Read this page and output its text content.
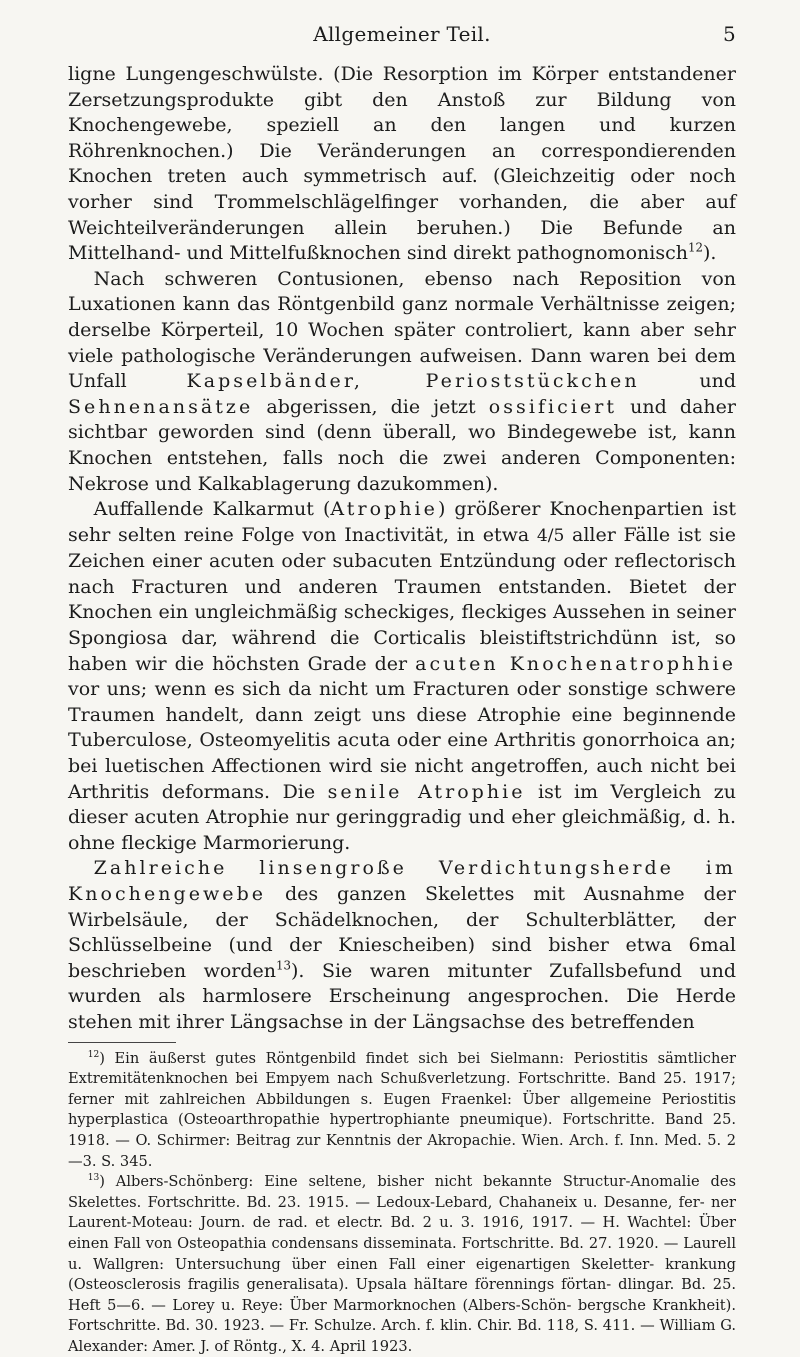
Allgemeiner Teil.	5

ligne Lungengeschwülste. (Die Resorption im Körper entstandener Zersetzungsprodukte gibt den Anstoß zur Bildung von Knochengewebe, speziell an den langen und kurzen Röhrenknochen.) Die Veränderungen an correspondierenden Knochen treten auch symmetrisch auf. (Gleichzeitig oder noch vorher sind Trommelschlägelfinger vorhanden, die aber auf Weichteilveränderungen allein beruhen.) Die Befunde an Mittelhand- und Mittelfußknochen sind direkt pathognomonisch$^{12}$).

Nach schweren Contusionen, ebenso nach Reposition von Luxationen kann das Röntgenbild ganz normale Verhältnisse zeigen; derselbe Körperteil, 10 Wochen später controliert, kann aber sehr viele pathologische Veränderungen aufweisen. Dann waren bei dem Unfall Kapselbänder, Perioststückchen und Sehnenansätze abgerissen, die jetzt ossificiert und daher sichtbar geworden sind (denn überall, wo Bindegewebe ist, kann Knochen entstehen, falls noch die zwei anderen Componenten: Nekrose und Kalkablagerung dazukommen).

Auffallende Kalkarmut (Atrophie) größerer Knochenpartien ist sehr selten reine Folge von Inactivität, in etwa 4/5 aller Fälle ist sie Zeichen einer acuten oder subacuten Entzündung oder reflectorisch nach Fracturen und anderen Traumen entstanden. Bietet der Knochen ein ungleichmäßig scheckiges, fleckiges Aussehen in seiner Spongiosa dar, während die Corticalis bleistiftstrichdünn ist, so haben wir die höchsten Grade der acuten Knochenatrophhie vor uns; wenn es sich da nicht um Fracturen oder sonstige schwere Traumen handelt, dann zeigt uns diese Atrophie eine beginnende Tuberculose, Osteomyelitis acuta oder eine Arthritis gonorrhoica an; bei luetischen Affectionen wird sie nicht angetroffen, auch nicht bei Arthritis deformans. Die senile Atrophie ist im Vergleich zu dieser acuten Atrophie nur geringgradig und eher gleichmäßig, d. h. ohne fleckige Marmorierung.

Zahlreiche linsengroße Verdichtungsherde im Knochengewebe des ganzen Skelettes mit Ausnahme der Wirbelsäule, der Schädelknochen, der Schulterblätter, der Schlüsselbeine (und der Kniescheiben) sind bisher etwa 6mal beschrieben worden$^{13}$). Sie waren mitunter Zufallsbefund und wurden als harmlosere Erscheinung angesprochen. Die Herde stehen mit ihrer Längsachse in der Längsachse des betreffenden

$^{12}$) Ein äußerst gutes Röntgenbild findet sich bei Sielmann: Periostitis sämtlicher Extremitätenknochen bei Empyem nach Schußverletzung. Fortschritte. Band 25. 1917; ferner mit zahlreichen Abbildungen s. Eugen Fraenkel: Über allgemeine Periostitis hyperplastica (Osteoarthropathie hypertrophiante pneumique). Fortschritte. Band 25. 1918. — O. Schirmer: Beitrag zur Kenntnis der Akropachie. Wien. Arch. f. Inn. Med. 5. 2—3. S. 345.

$^{13}$) Albers-Schönberg: Eine seltene, bisher nicht bekannte Structur-Anomalie des Skelettes. Fortschritte. Bd. 23. 1915. — Ledoux-Lebard, Chahaneix u. Desanne, fer- ner Laurent-Moteau: Journ. de rad. et electr. Bd. 2 u. 3. 1916, 1917. — H. Wachtel: Über einen Fall von Osteopathia condensans disseminata. Fortschritte. Bd. 27. 1920. — Laurell u. Wallgren: Untersuchung über einen Fall einer eigenartigen Skeletter- krankung (Osteosclerosis fragilis generalisata). Upsala häItare förennings förtan- dlingar. Bd. 25. Heft 5—6. — Lorey u. Reye: Über Marmorknochen (Albers-Schön- bergsche Krankheit). Fortschritte. Bd. 30. 1923. — Fr. Schulze. Arch. f. klin. Chir. Bd. 118, S. 411. — William G. Alexander: Amer. J. of Röntg., X. 4. April 1923.
